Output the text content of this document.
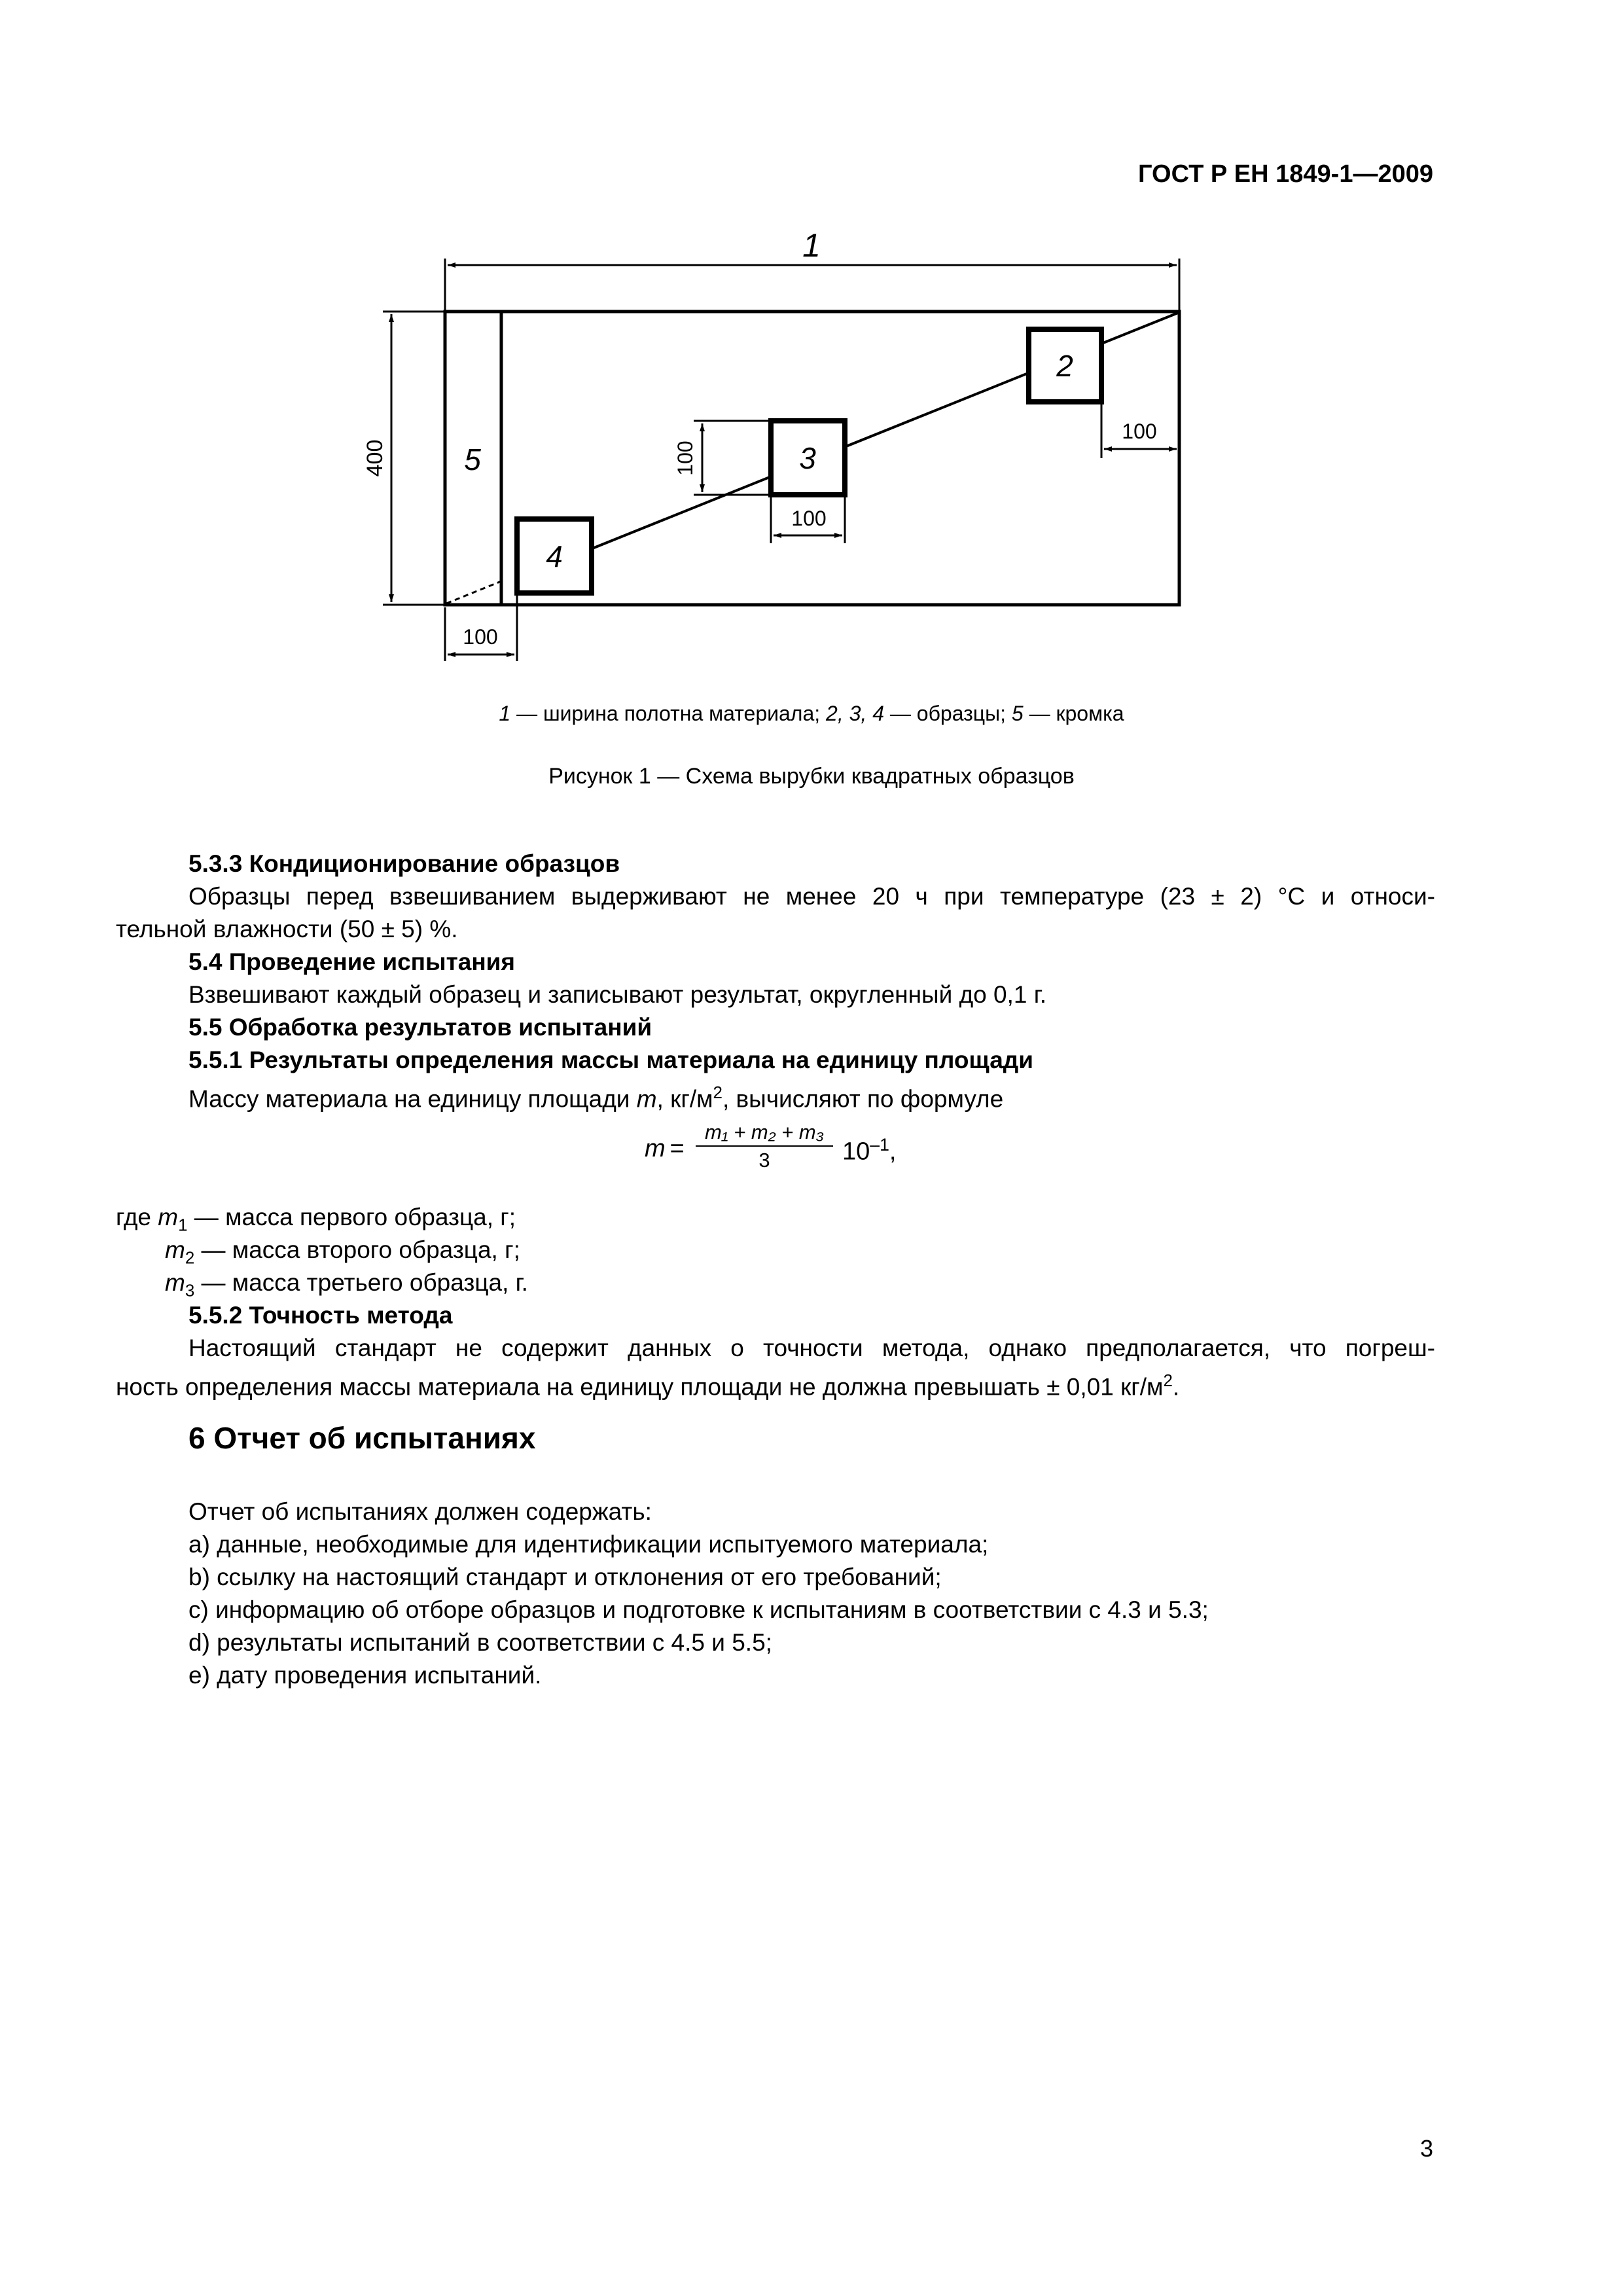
ГОСТ Р ЕН 1849-1—2009
1
5
2
3
4
400	100
100
100
100
1 — ширина полотна материала; 2, 3, 4 — образцы; 5 — кромка
Рисунок 1 — Схема вырубки квадратных образцов
5.3.3 Кондиционирование образцов
Образцы перед взвешиванием выдерживают не менее 20 ч при температуре (23 ± 2) °С и относи-
тельной влажности (50 ± 5) %.
5.4 Проведение испытания
Взвешивают каждый образец и записывают результат, округленный до 0,1 г.
5.5 Обработка результатов испытаний
5.5.1 Результаты определения массы материала на единицу площади
Массу материала на единицу площади m, $кг/м^2$, вычисляют по формуле
m
= $\frac{\text{m₁ + m₂ + m₃}}{3} 10^{-1}$,
где $m_1$ — масса первого образца, г;
$m_2$ — масса второго образца, г;
$m_3$ — масса третьего образца, г.
5.5.2 Точность метода
Настоящий стандарт не содержит данных о точности метода, однако предполагается, что погреш-
ность определения массы материала на единицу площади не должна превышать ± 0,01 $кг/м^2$.
6 Отчет об испытаниях
Отчет об испытаниях должен содержать:
a) данные, необходимые для идентификации испытуемого материала;
b) ссылку на настоящий стандарт и отклонения от его требований;
c) информацию об отборе образцов и подготовке к испытаниям в соответствии с 4.3 и 5.3;
d) результаты испытаний в соответствии с 4.5 и 5.5;
e) дату проведения испытаний.
3
